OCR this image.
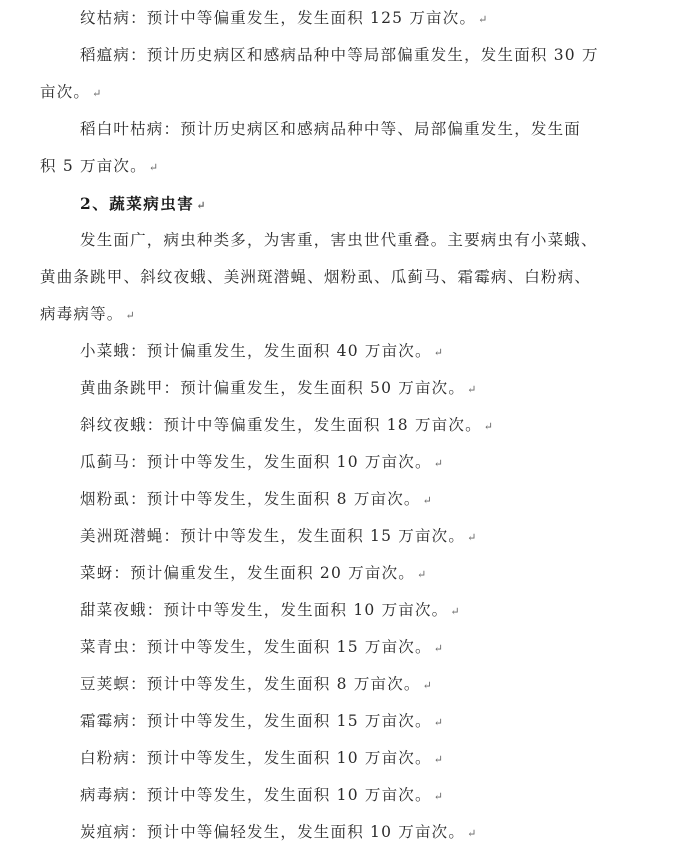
纹枯病：预计中等偏重发生，发生面积 125 万亩次。 ↵
稻瘟病：预计历史病区和感病品种中等局部偏重发生，发生面积 30 万
亩次。 ↵
稻白叶枯病：预计历史病区和感病品种中等、局部偏重发生，发生面
积 5 万亩次。 ↵
2、蔬菜病虫害 ↵
发生面广，病虫种类多，为害重，害虫世代重叠。主要病虫有小菜蛾、
黄曲条跳甲、斜纹夜蛾、美洲斑潜蝇、烟粉虱、瓜蓟马、霜霉病、白粉病、
病毒病等。 ↵
小菜蛾：预计偏重发生，发生面积 40 万亩次。 ↵
黄曲条跳甲：预计偏重发生，发生面积 50 万亩次。 ↵
斜纹夜蛾：预计中等偏重发生，发生面积 18 万亩次。 ↵
瓜蓟马：预计中等发生，发生面积 10 万亩次。 ↵
烟粉虱：预计中等发生，发生面积 8 万亩次。 ↵
美洲斑潜蝇：预计中等发生，发生面积 15 万亩次。 ↵
菜蚜：预计偏重发生，发生面积 20 万亩次。 ↵
甜菜夜蛾：预计中等发生，发生面积 10 万亩次。 ↵
菜青虫：预计中等发生，发生面积 15 万亩次。 ↵
豆荚螟：预计中等发生，发生面积 8 万亩次。 ↵
霜霉病：预计中等发生，发生面积 15 万亩次。 ↵
白粉病：预计中等发生，发生面积 10 万亩次。 ↵
病毒病：预计中等发生，发生面积 10 万亩次。 ↵
炭疽病：预计中等偏轻发生，发生面积 10 万亩次。 ↵
